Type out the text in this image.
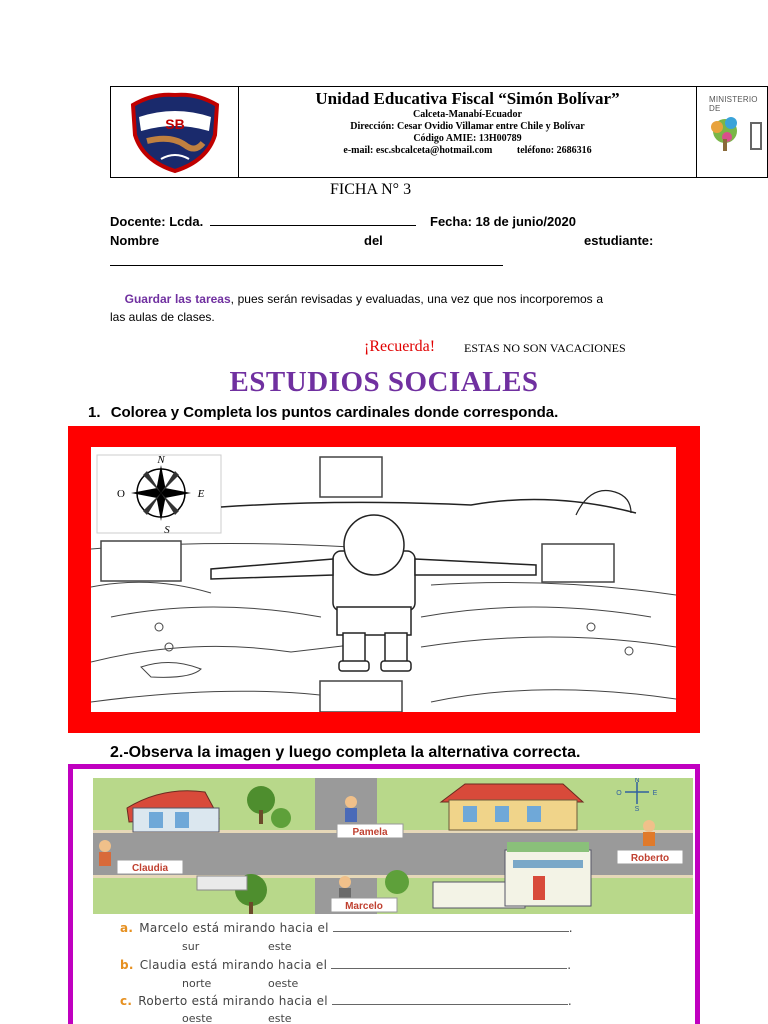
SB
Unidad Educativa Fiscal “Simón Bolívar”
Calceta-Manabí-Ecuador
Dirección: Cesar Ovidio Villamar entre Chile y Bolívar
Código AMIE: 13H00789
e-mail: esc.sbcalceta@hotmail.com teléfono: 2686316
MINISTERIO DE
FICHA N° 3
Docente: Lcda.	Fecha: 18 de junio/2020
Nombre	del	estudiante:
Guardar las tareas, pues serán revisadas y evaluadas, una vez que nos incorporemos a las aulas de clases.
¡Recuerda! ESTAS NO SON VACACIONES
ESTUDIOS SOCIALES
1. Colorea y Completa los puntos cardinales donde corresponda.
N
S
O	E
2.-Observa la imagen y luego completa la alternativa correcta.
Pamela
Claudia
Roberto
Marcelo
N
S
O	E
a. Marcelo está mirando hacia el	.
sur	este
b. Claudia está mirando hacia el	.
norte	oeste
c. Roberto está mirando hacia el	.
oeste	este
